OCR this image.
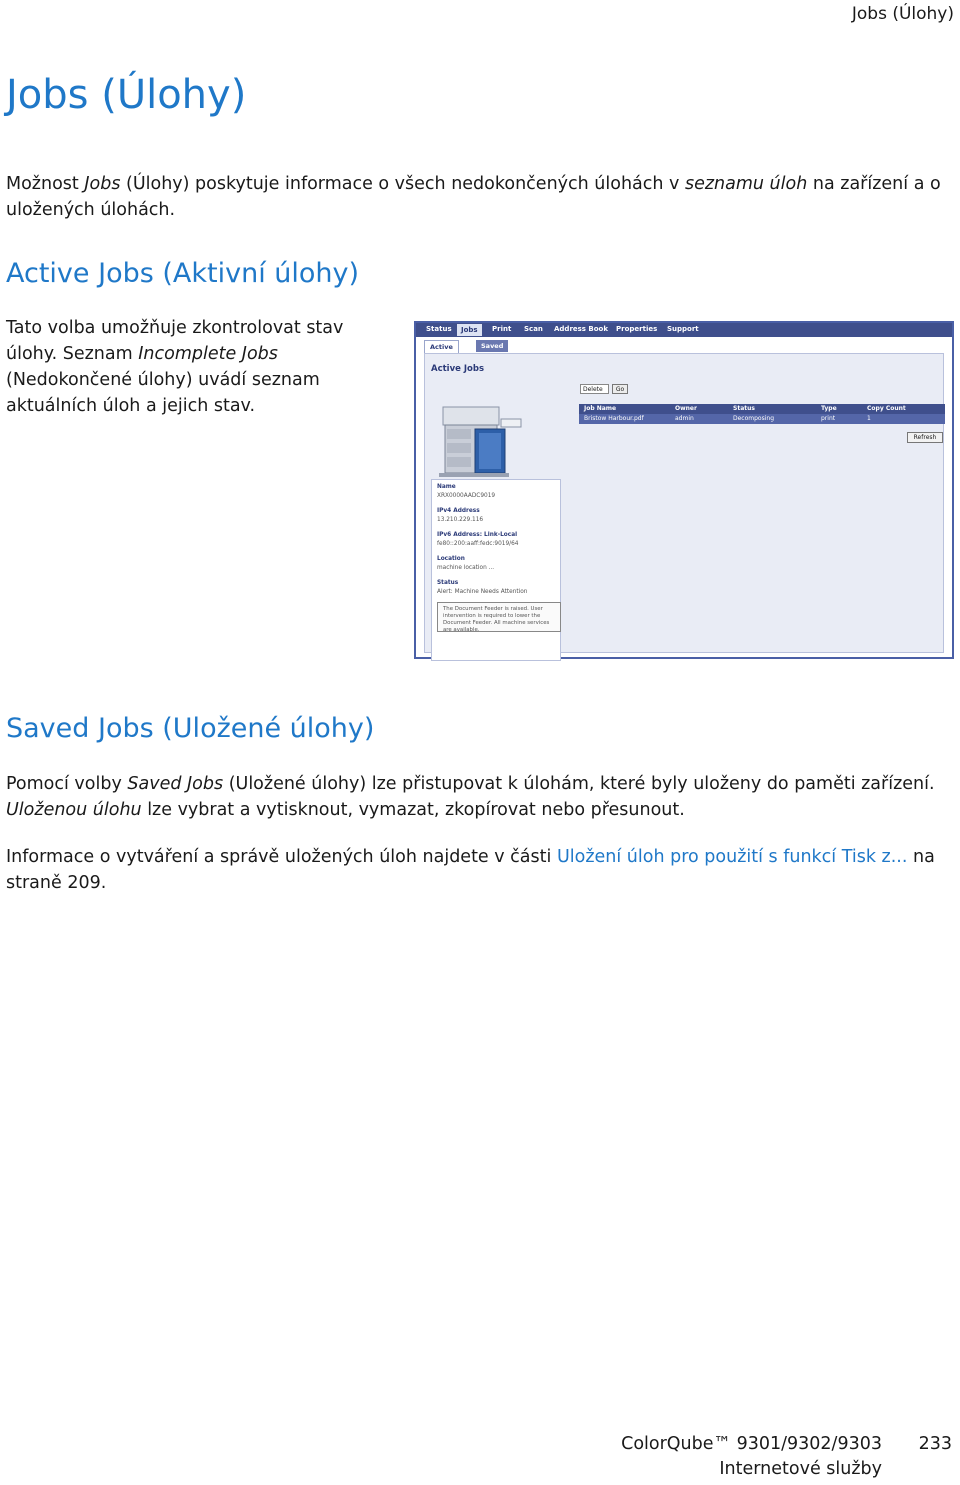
Jobs (Úlohy)
Jobs (Úlohy)

Možnost Jobs (Úlohy) poskytuje informace o všech nedokončených úlohách v seznamu úloh na zařízení a o uložených úlohách.

Active Jobs (Aktivní úlohy)

Tato volba umožňuje zkontrolovat stav úlohy. Seznam Incomplete Jobs (Nedokončené úlohy) uvádí seznam aktuálních úloh a jejich stav.

Status	Jobs	Print Scan Address Book Properties Support
Active	Saved
Active Jobs
Delete	Go
Job Name	Owner	Status	Type	Copy Count
Bristow Harbour.pdf	admin	Decomposing	print	1
Refresh
Name
XRX0000AADC9019
IPv4 Address
13.210.229.116
IPv6 Address: Link-Local
fe80::200:aaff:fedc:9019/64
Location
machine location ...
Status
Alert: Machine Needs Attention
The Document Feeder is raised. User intervention is required to lower the Document Feeder. All machine services are available.
Saved Jobs (Uložené úlohy)

Pomocí volby Saved Jobs (Uložené úlohy) lze přistupovat k úlohám, které byly uloženy do paměti zařízení. Uloženou úlohu lze vybrat a vytisknout, vymazat, zkopírovat nebo přesunout.

Informace o vytváření a správě uložených úloh najdete v části Uložení úloh pro použití s funkcí Tisk z... na straně 209.

ColorQube™ 9301/9302/9303
Internetové služby
233
